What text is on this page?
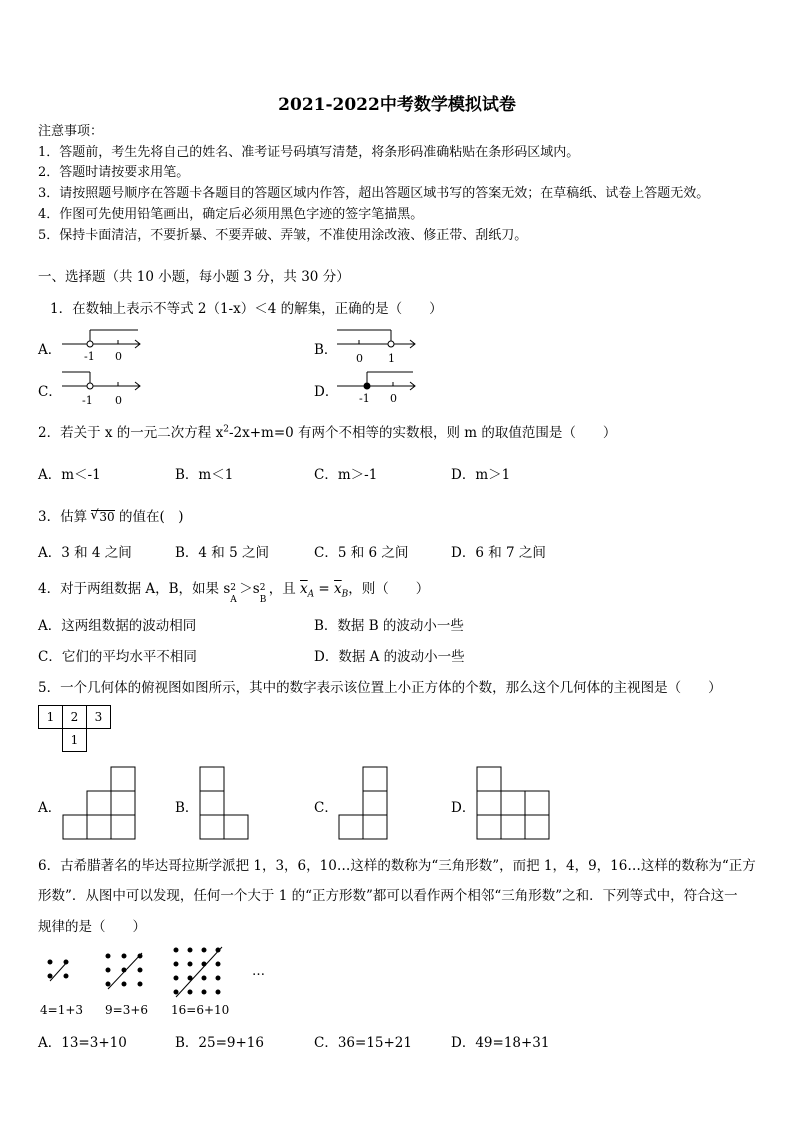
2021-2022中考数学模拟试卷
注意事项：
1．答题前，考生先将自己的姓名、准考证号码填写清楚，将条形码准确粘贴在条形码区域内。
2．答题时请按要求用笔。
3．请按照题号顺序在答题卡各题目的答题区域内作答，超出答题区域书写的答案无效；在草稿纸、试卷上答题无效。
4．作图可先使用铅笔画出，确定后必须用黑色字迹的签字笔描黑。
5．保持卡面清洁，不要折暴、不要弄破、弄皱，不准使用涂改液、修正带、刮纸刀。
一、选择题（共 10 小题，每小题 3 分，共 30 分）
1．在数轴上表示不等式 2（1-x）＜4 的解集，正确的是（　　）
A． -1 0	B．
0 1
C．
-1 0
D． -1 0
2．若关于 x 的一元二次方程 $x^2-2x+m=0$ 有两个不相等的实数根，则 m 的取值范围是（　　）
A．m＜-1	B．m＜1	C．m＞-1	D．m＞1
3．估算 √ 30 的值在(　)
A．3 和 4 之间	B．4 和 5 之间	C．5 和 6 之间	D．6 和 7 之间
4．对于两组数据 A，B，如果 s
A
2 ＞s
B
2 ，且 $\overline{x}_A = \overline{x}_B$，则（　　）
A．这两组数据的波动相同	B．数据 B 的波动小一些
C．它们的平均水平不相同	D．数据 A 的波动小一些
5．一个几何体的俯视图如图所示，其中的数字表示该位置上小正方体的个数，那么这个几何体的主视图是（　　）
1	2	3
	1	
A．	B．	C．	D．
6．古希腊著名的毕达哥拉斯学派把 1，3，6，10…这样的数称为“三角形数”，而把 1，4，9，16…这样的数称为“正方
形数”．从图中可以发现，任何一个大于 1 的“正方形数”都可以看作两个相邻“三角形数”之和．下列等式中，符合这一
规律的是（　　）
…
4=1+3 9=3+6 16=6+10
A．13=3+10	B．25=9+16	C．36=15+21	D．49=18+31
